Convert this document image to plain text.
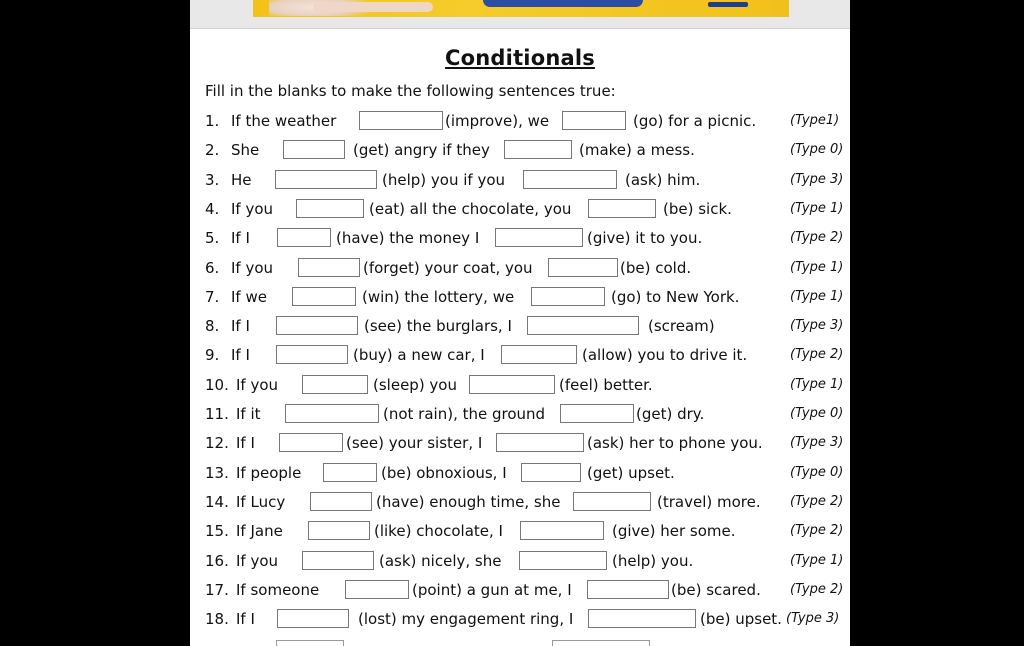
Conditionals
Fill in the blanks to make the following sentences true:
1. If the weather	(improve), we	(go) for a picnic.	(Type1)
2. She	(get) angry if they	(make) a mess.	(Type 0)
3. He	(help) you if you	(ask) him.	(Type 3)
4. If you	(eat) all the chocolate, you	(be) sick.	(Type 1)
5. If I	(have) the money I	(give) it to you.	(Type 2)
6. If you	(forget) your coat, you	(be) cold.	(Type 1)
7. If we	(win) the lottery, we	(go) to New York.	(Type 1)
8. If I	(see) the burglars, I	(scream)	(Type 3)
9. If I	(buy) a new car, I	(allow) you to drive it.	(Type 2)
10. If you	(sleep) you	(feel) better.	(Type 1)
11. If it	(not rain), the ground	(get) dry.	(Type 0)
12. If I	(see) your sister, I	(ask) her to phone you. (Type 3)
13. If people	(be) obnoxious, I	(get) upset.	(Type 0)
14. If Lucy	(have) enough time, she	(travel) more. (Type 2)
15. If Jane	(like) chocolate, I	(give) her some.	(Type 2)
16. If you	(ask) nicely, she	(help) you.	(Type 1)
17. If someone	(point) a gun at me, I	(be) scared. (Type 2)
18. If I	(lost) my engagement ring, I	(be) upset. (Type 3)
